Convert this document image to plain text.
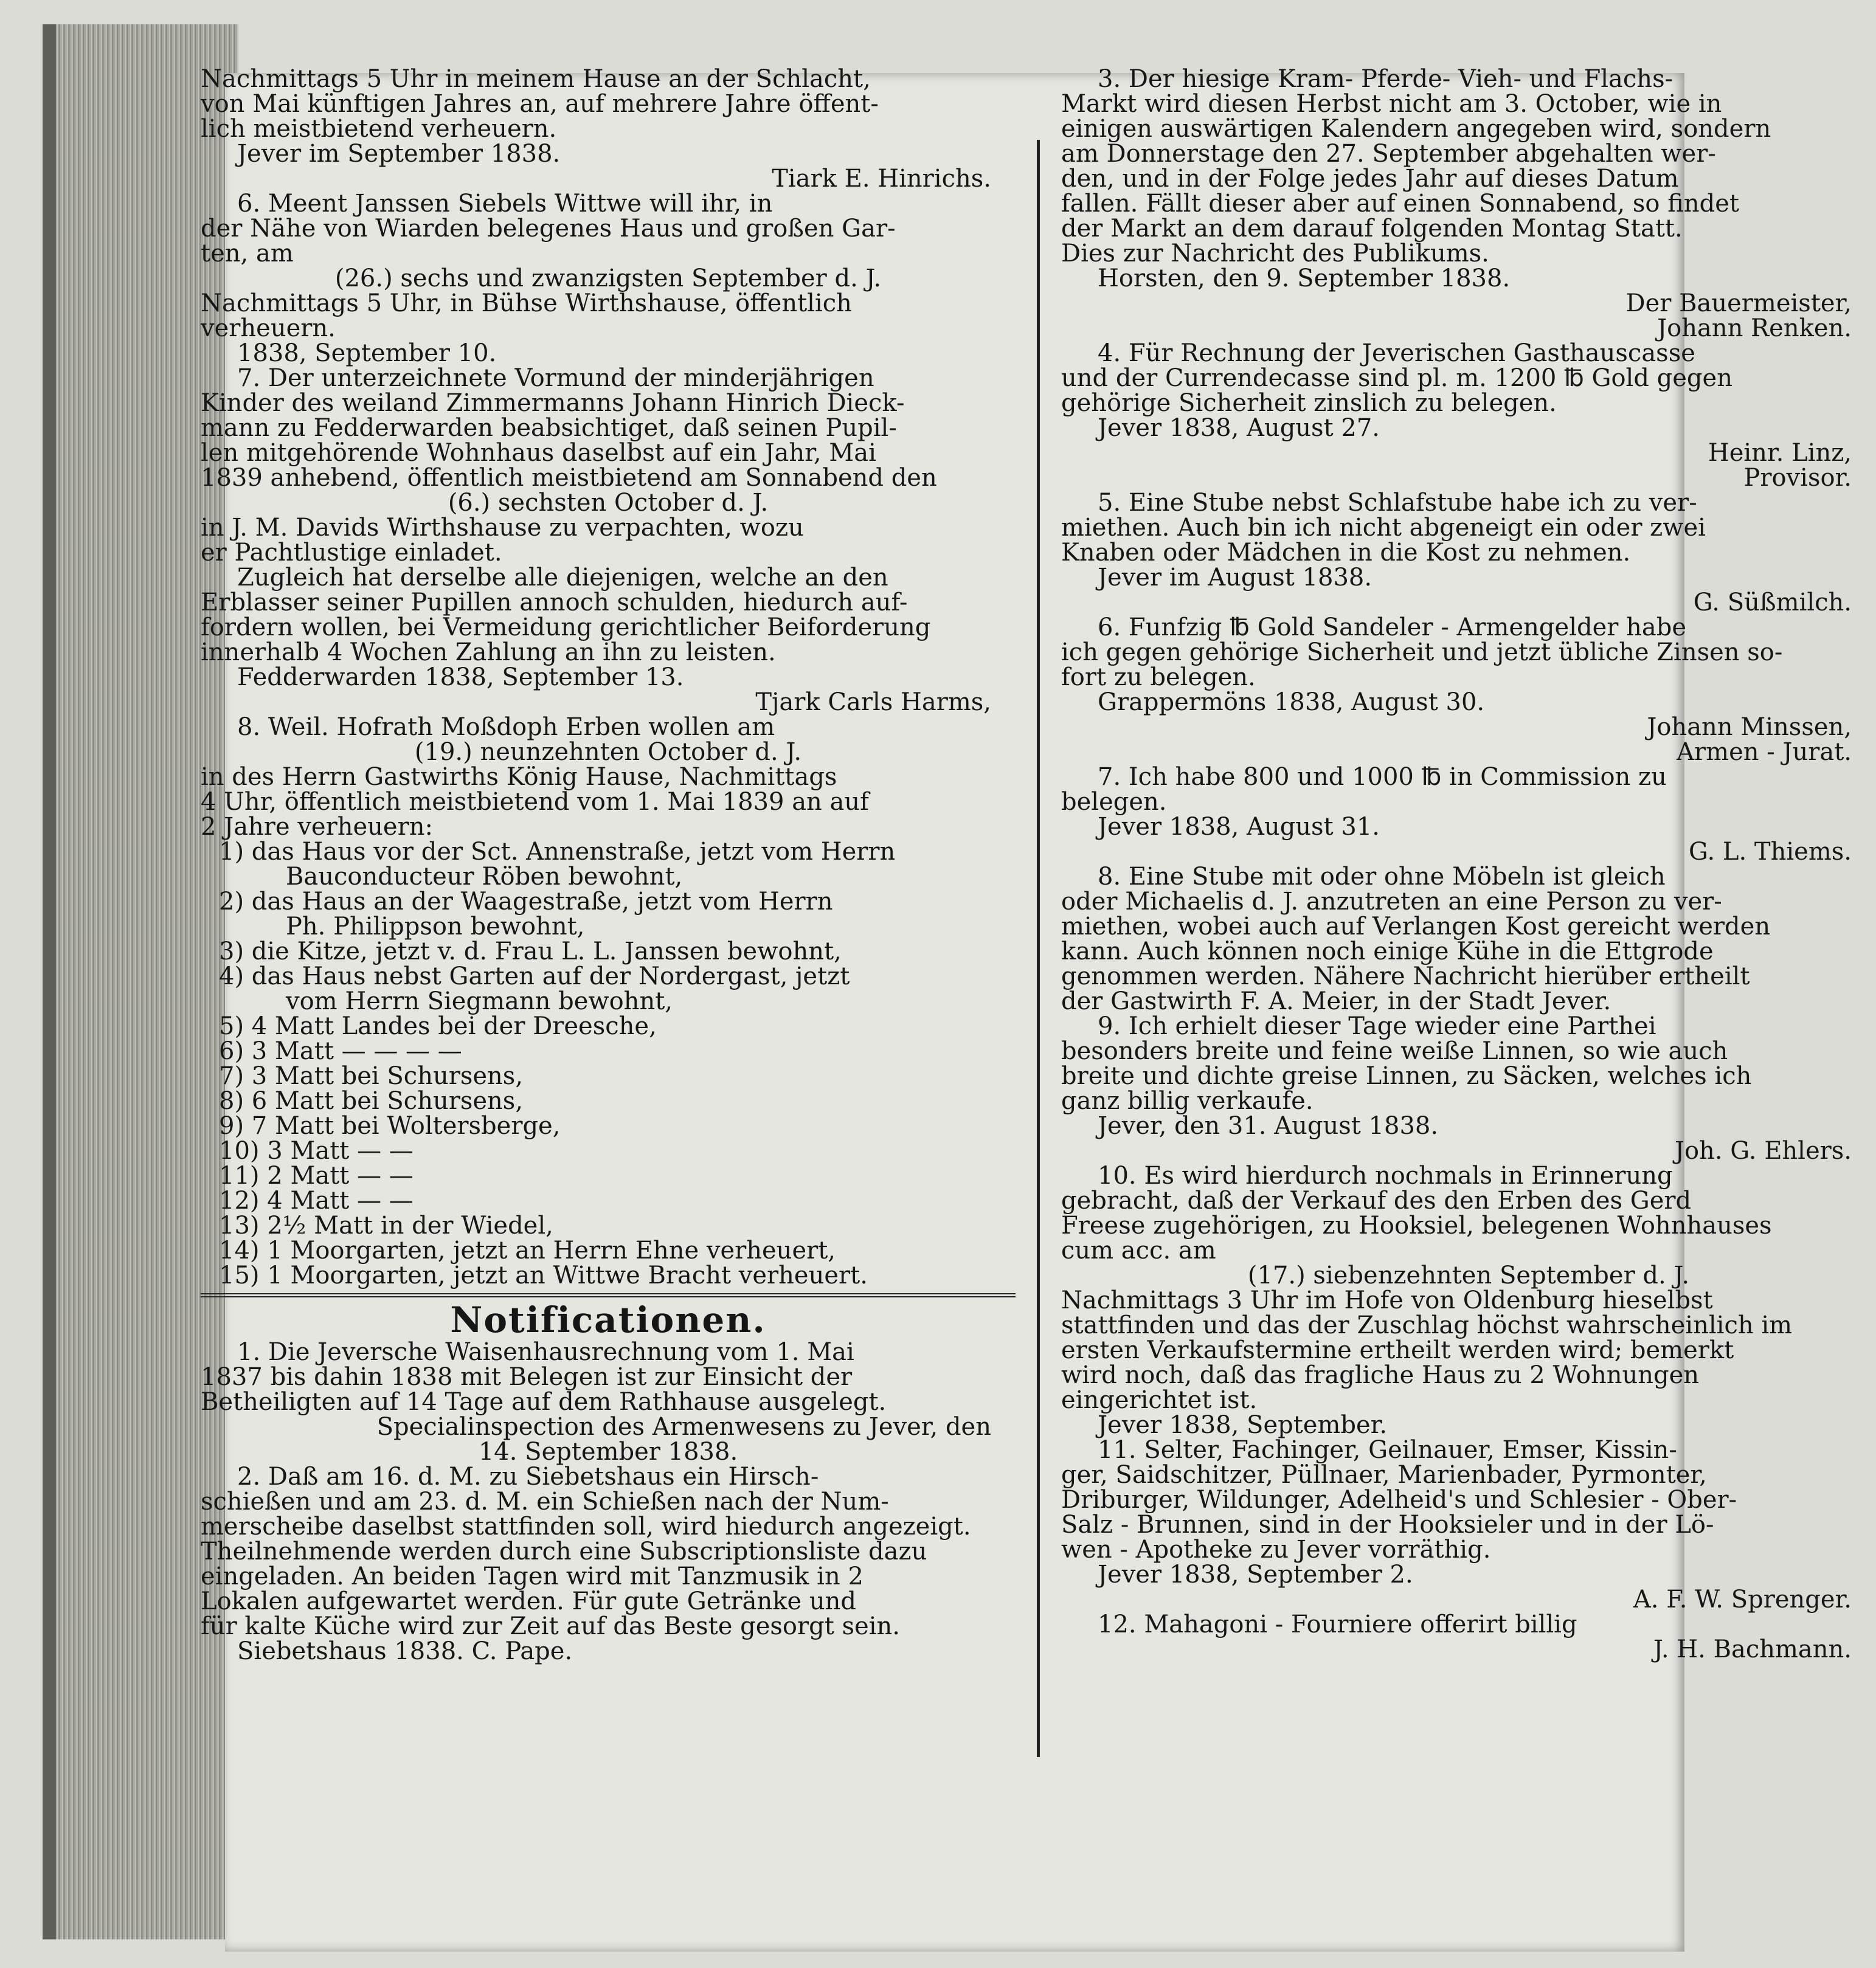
Nachmittags 5 Uhr in meinem Hause an der Schlacht,

von Mai künftigen Jahres an, auf mehrere Jahre öffent-

lich meistbietend verheuern.

Jever im September 1838.

Tiark E. Hinrichs.

6. Meent Janssen Siebels Wittwe will ihr, in

der Nähe von Wiarden belegenes Haus und großen Gar-

ten, am

(26.) sechs und zwanzigsten September d. J.

Nachmittags 5 Uhr, in Bühse Wirthshause, öffentlich

verheuern.

1838, September 10.

7. Der unterzeichnete Vormund der minderjährigen

Kinder des weiland Zimmermanns Johann Hinrich Dieck-

mann zu Fedderwarden beabsichtiget, daß seinen Pupil-

len mitgehörende Wohnhaus daselbst auf ein Jahr, Mai

1839 anhebend, öffentlich meistbietend am Sonnabend den

(6.) sechsten October d. J.

in J. M. Davids Wirthshause zu verpachten, wozu

er Pachtlustige einladet.

Zugleich hat derselbe alle diejenigen, welche an den

Erblasser seiner Pupillen annoch schulden, hiedurch auf-

fordern wollen, bei Vermeidung gerichtlicher Beiforderung

innerhalb 4 Wochen Zahlung an ihn zu leisten.

Fedderwarden 1838, September 13.

Tjark Carls Harms,

8. Weil. Hofrath Moßdoph Erben wollen am

(19.) neunzehnten October d. J.

in des Herrn Gastwirths König Hause, Nachmittags

4 Uhr, öffentlich meistbietend vom 1. Mai 1839 an auf

2 Jahre verheuern:

1) das Haus vor der Sct. Annenstraße, jetzt vom Herrn
Bauconducteur Röben bewohnt,
2) das Haus an der Waagestraße, jetzt vom Herrn
Ph. Philippson bewohnt,
3) die Kitze, jetzt v. d. Frau L. L. Janssen bewohnt,
4) das Haus nebst Garten auf der Nordergast, jetzt
vom Herrn Siegmann bewohnt,
5) 4 Matt Landes bei der Dreesche,
6) 3 Matt — — — —
7) 3 Matt bei Schursens,
8) 6 Matt bei Schursens,
9) 7 Matt bei Woltersberge,
10) 3 Matt — —
11) 2 Matt — —
12) 4 Matt — —
13) 2½ Matt in der Wiedel,
14) 1 Moorgarten, jetzt an Herrn Ehne verheuert,
15) 1 Moorgarten, jetzt an Wittwe Bracht verheuert.
Notificationen.

1. Die Jeversche Waisenhausrechnung vom 1. Mai

1837 bis dahin 1838 mit Belegen ist zur Einsicht der

Betheiligten auf 14 Tage auf dem Rathhause ausgelegt.

Specialinspection des Armenwesens zu Jever, den

14. September 1838.

2. Daß am 16. d. M. zu Siebetshaus ein Hirsch-

schießen und am 23. d. M. ein Schießen nach der Num-

merscheibe daselbst stattfinden soll, wird hiedurch angezeigt.

Theilnehmende werden durch eine Subscriptionsliste dazu

eingeladen. An beiden Tagen wird mit Tanzmusik in 2

Lokalen aufgewartet werden. Für gute Getränke und

für kalte Küche wird zur Zeit auf das Beste gesorgt sein.

Siebetshaus 1838. C. Pape.

3. Der hiesige Kram- Pferde- Vieh- und Flachs-

Markt wird diesen Herbst nicht am 3. October, wie in

einigen auswärtigen Kalendern angegeben wird, sondern

am Donnerstage den 27. September abgehalten wer-

den, und in der Folge jedes Jahr auf dieses Datum

fallen. Fällt dieser aber auf einen Sonnabend, so findet

der Markt an dem darauf folgenden Montag Statt.

Dies zur Nachricht des Publikums.

Horsten, den 9. September 1838.

Der Bauermeister,

Johann Renken.

4. Für Rechnung der Jeverischen Gasthauscasse

und der Currendecasse sind pl. m. 1200 ℔ Gold gegen

gehörige Sicherheit zinslich zu belegen.

Jever 1838, August 27.

Heinr. Linz,

Provisor.

5. Eine Stube nebst Schlafstube habe ich zu ver-

miethen. Auch bin ich nicht abgeneigt ein oder zwei

Knaben oder Mädchen in die Kost zu nehmen.

Jever im August 1838.

G. Süßmilch.

6. Funfzig ℔ Gold Sandeler - Armengelder habe

ich gegen gehörige Sicherheit und jetzt übliche Zinsen so-

fort zu belegen.

Grappermöns 1838, August 30.

Johann Minssen,

Armen - Jurat.

7. Ich habe 800 und 1000 ℔ in Commission zu

belegen.

Jever 1838, August 31.

G. L. Thiems.

8. Eine Stube mit oder ohne Möbeln ist gleich

oder Michaelis d. J. anzutreten an eine Person zu ver-

miethen, wobei auch auf Verlangen Kost gereicht werden

kann. Auch können noch einige Kühe in die Ettgrode

genommen werden. Nähere Nachricht hierüber ertheilt

der Gastwirth F. A. Meier, in der Stadt Jever.

9. Ich erhielt dieser Tage wieder eine Parthei

besonders breite und feine weiße Linnen, so wie auch

breite und dichte greise Linnen, zu Säcken, welches ich

ganz billig verkaufe.

Jever, den 31. August 1838.

Joh. G. Ehlers.

10. Es wird hierdurch nochmals in Erinnerung

gebracht, daß der Verkauf des den Erben des Gerd

Freese zugehörigen, zu Hooksiel, belegenen Wohnhauses

cum acc. am

(17.) siebenzehnten September d. J.

Nachmittags 3 Uhr im Hofe von Oldenburg hieselbst

stattfinden und das der Zuschlag höchst wahrscheinlich im

ersten Verkaufstermine ertheilt werden wird; bemerkt

wird noch, daß das fragliche Haus zu 2 Wohnungen

eingerichtet ist.

Jever 1838, September.

11. Selter, Fachinger, Geilnauer, Emser, Kissin-

ger, Saidschitzer, Püllnaer, Marienbader, Pyrmonter,

Driburger, Wildunger, Adelheid's und Schlesier - Ober-

Salz - Brunnen, sind in der Hooksieler und in der Lö-

wen - Apotheke zu Jever vorräthig.

Jever 1838, September 2.

A. F. W. Sprenger.

12. Mahagoni - Fourniere offerirt billig

J. H. Bachmann.
